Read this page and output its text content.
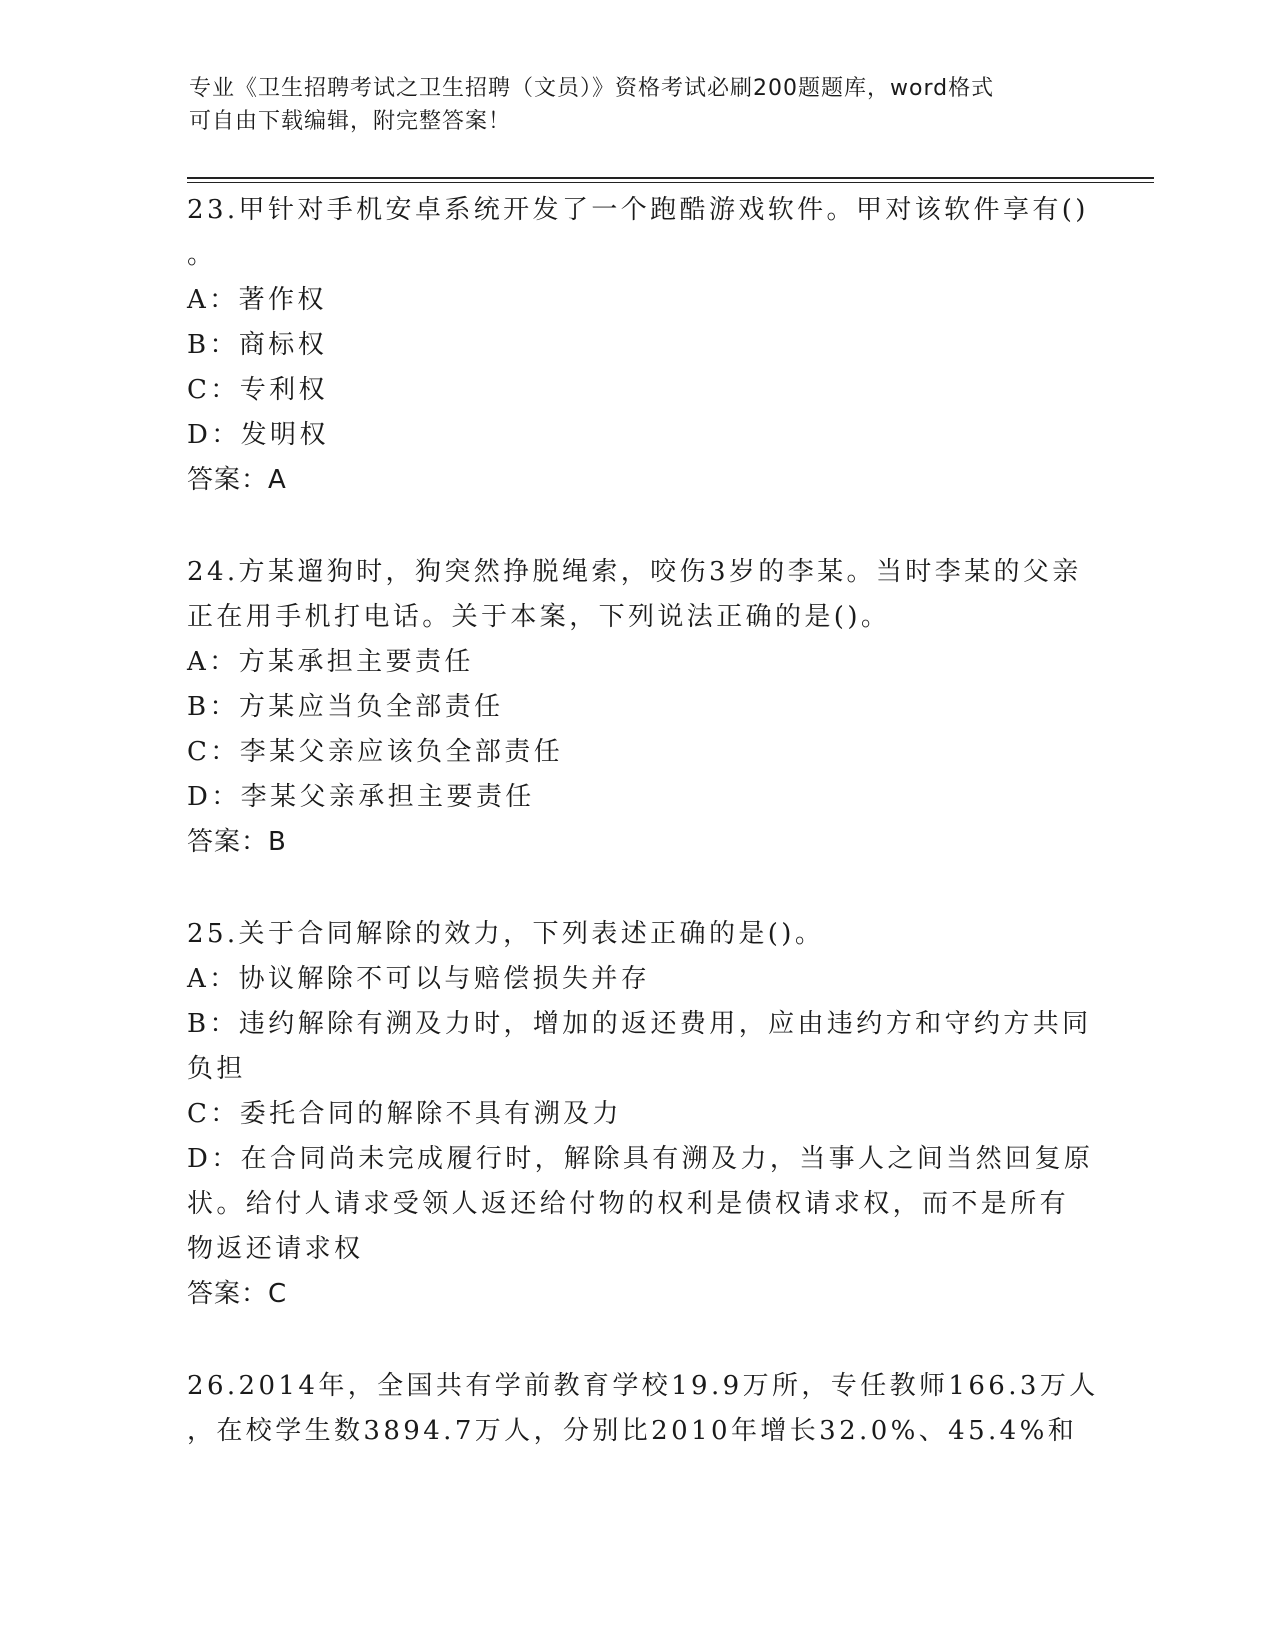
专业《卫生招聘考试之卫生招聘（文员）》资格考试必刷200题题库，word格式
可自由下载编辑，附完整答案！
23.甲针对手机安卓系统开发了一个跑酷游戏软件。甲对该软件享有()
。
A：著作权
B：商标权
C：专利权
D：发明权
答案：A
24.方某遛狗时，狗突然挣脱绳索，咬伤3岁的李某。当时李某的父亲
正在用手机打电话。关于本案，下列说法正确的是()。
A：方某承担主要责任
B：方某应当负全部责任
C：李某父亲应该负全部责任
D：李某父亲承担主要责任
答案：B
25.关于合同解除的效力，下列表述正确的是()。
A：协议解除不可以与赔偿损失并存
B：违约解除有溯及力时，增加的返还费用，应由违约方和守约方共同
负担
C：委托合同的解除不具有溯及力
D：在合同尚未完成履行时，解除具有溯及力，当事人之间当然回复原
状。给付人请求受领人返还给付物的权利是债权请求权，而不是所有
物返还请求权
答案：C
26.2014年，全国共有学前教育学校19.9万所，专任教师166.3万人
，在校学生数3894.7万人，分别比2010年增长32.0%、45.4%和
